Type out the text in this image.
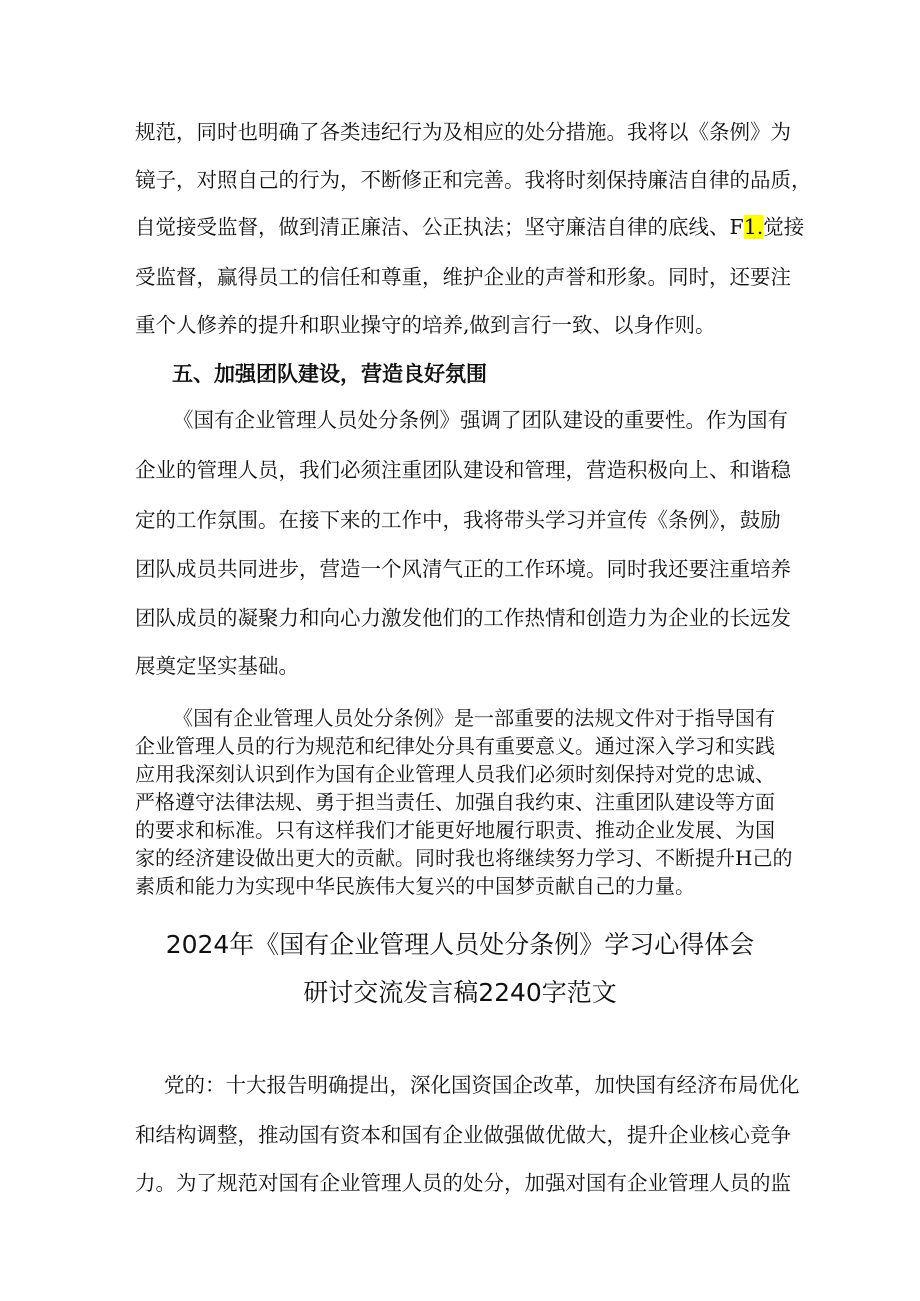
规范，同时也明确了各类违纪行为及相应的处分措施。我将以《条例》为
镜子，对照自己的行为，不断修正和完善。我将时刻保持廉洁自律的品质，
自觉接受监督，做到清正廉洁、公正执法；坚守廉洁自律的底线、F1.觉接
受监督，赢得员工的信任和尊重，维护企业的声誉和形象。同时，还要注
重个人修养的提升和职业操守的培养,做到言行一致、以身作则。
五、加强团队建设，营造良好氛围
《国有企业管理人员处分条例》强调了团队建设的重要性。作为国有
企业的管理人员，我们必须注重团队建设和管理，营造积极向上、和谐稳
定的工作氛围。在接下来的工作中，我将带头学习并宣传《条例》，鼓励
团队成员共同进步，营造一个风清气正的工作环境。同时我还要注重培养
团队成员的凝聚力和向心力激发他们的工作热情和创造力为企业的长远发
展奠定坚实基础。
《国有企业管理人员处分条例》是一部重要的法规文件对于指导国有
企业管理人员的行为规范和纪律处分具有重要意义。通过深入学习和实践
应用我深刻认识到作为国有企业管理人员我们必须时刻保持对党的忠诚、
严格遵守法律法规、勇于担当责任、加强自我约束、注重团队建设等方面
的要求和标准。只有这样我们才能更好地履行职责、推动企业发展、为国
家的经济建设做出更大的贡献。同时我也将继续努力学习、不断提升H己的
素质和能力为实现中华民族伟大复兴的中国梦贡献自己的力量。
2024年《国有企业管理人员处分条例》学习心得体会
研讨交流发言稿2240字范文
党的：十大报告明确提出，深化国资国企改革，加快国有经济布局优化
和结构调整，推动国有资本和国有企业做强做优做大，提升企业核心竞争
力。为了规范对国有企业管理人员的处分，加强对国有企业管理人员的监
